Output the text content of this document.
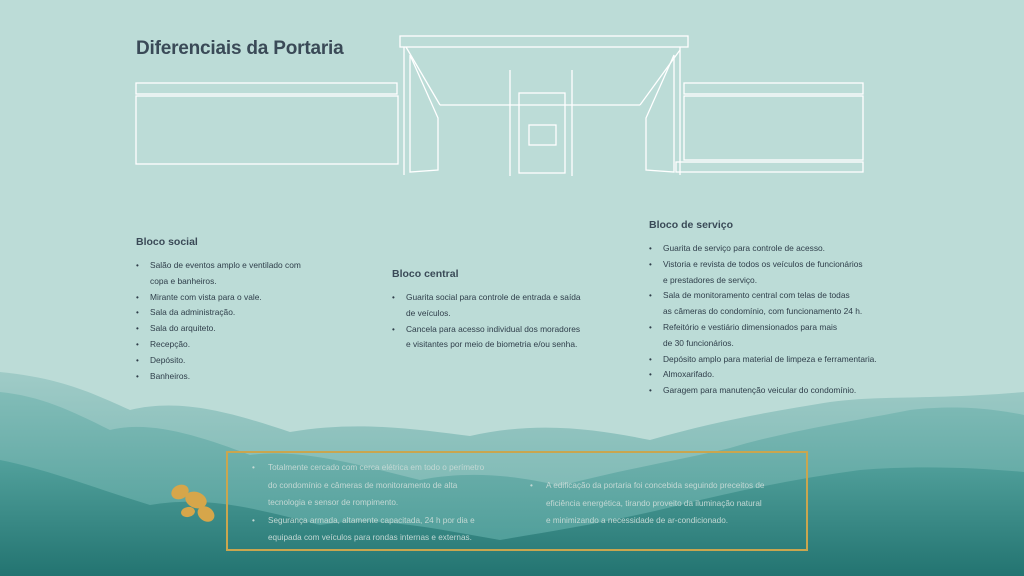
Diferenciais da Portaria
Bloco social
• Salão de eventos amplo e ventilado com
copa e banheiros.
• Mirante com vista para o vale.
• Sala da administração.
• Sala do arquiteto.
• Recepção.
• Depósito.
• Banheiros.
Bloco central
• Guarita social para controle de entrada e saída
de veículos.
• Cancela para acesso individual dos moradores
e visitantes por meio de biometria e/ou senha.
Bloco de serviço
• Guarita de serviço para controle de acesso.
• Vistoria e revista de todos os veículos de funcionários
e prestadores de serviço.
• Sala de monitoramento central com telas de todas
as câmeras do condomínio, com funcionamento 24 h.
• Refeitório e vestiário dimensionados para mais
de 30 funcionários.
• Depósito amplo para material de limpeza e ferramentaria.
• Almoxarifado.
• Garagem para manutenção veicular do condomínio.
• Totalmente cercado com cerca elétrica em todo o perímetro
do condomínio e câmeras de monitoramento de alta
tecnologia e sensor de rompimento.
• Segurança armada, altamente capacitada, 24 h por dia e
equipada com veículos para rondas internas e externas.
• A edificação da portaria foi concebida seguindo preceitos de
eficiência energética, tirando proveito da iluminação natural
e minimizando a necessidade de ar-condicionado.
